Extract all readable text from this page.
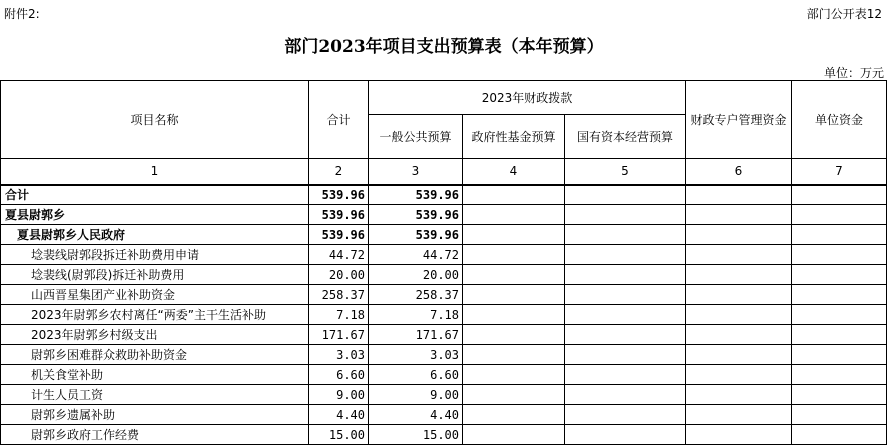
附件2:	部门公开表12
部门2023年项目支出预算表（本年预算）
单位：万元
项目名称	合计	2023年财政拨款			财政专户管理资金	单位资金
		一般公共预算	政府性基金预算	国有资本经营预算		
1	2	3	4	5	6	7
合计	539.96	539.96				
夏县尉郭乡	539.96	539.96				
夏县尉郭乡人民政府	539.96	539.96				
埝裴线尉郭段拆迁补助费用申请	44.72	44.72				
埝裴线(尉郭段)拆迁补助费用	20.00	20.00				
山西晋星集团产业补助资金	258.37	258.37				
2023年尉郭乡农村离任“两委”主干生活补助	7.18	7.18				
2023年尉郭乡村级支出	171.67	171.67				
尉郭乡困难群众救助补助资金	3.03	3.03				
机关食堂补助	6.60	6.60				
计生人员工资	9.00	9.00				
尉郭乡遗属补助	4.40	4.40				
尉郭乡政府工作经费	15.00	15.00				
